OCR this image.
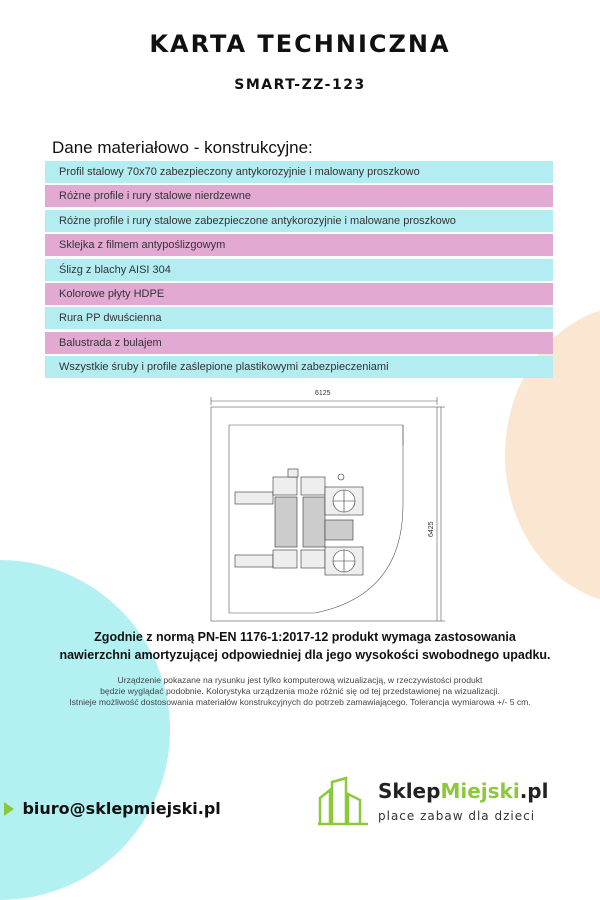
KARTA TECHNICZNA
SMART-ZZ-123
Dane materiałowo - konstrukcyjne:
Profil stalowy 70x70 zabezpieczony antykorozyjnie i malowany proszkowo
Różne profile i rury stalowe nierdzewne
Różne profile i rury stalowe zabezpieczone antykorozyjnie i malowane proszkowo
Sklejka z filmem antypoślizgowym
Ślizg z blachy AISI 304
Kolorowe płyty HDPE
Rura PP dwuścienna
Balustrada z bulajem
Wszystkie śruby i profile zaślepione plastikowymi zabezpieczeniami
6125
6425
Zgodnie z normą PN-EN 1176-1:2017-12 produkt wymaga zastosowania
nawierzchni amortyzującej odpowiedniej dla jego wysokości swobodnego upadku.
Urządzenie pokazane na rysunku jest tylko komputerową wizualizacją, w rzeczywistości produkt
będzie wyglądać podobnie. Kolorystyka urządzenia może różnić się od tej przedstawionej na wizualizacji.
Istnieje możliwość dostosowania materiałów konstrukcyjnych do potrzeb zamawiającego. Tolerancja wymiarowa +/- 5 cm.
biuro@sklepmiejski.pl
SklepMiejski.pl
place zabaw dla dzieci
